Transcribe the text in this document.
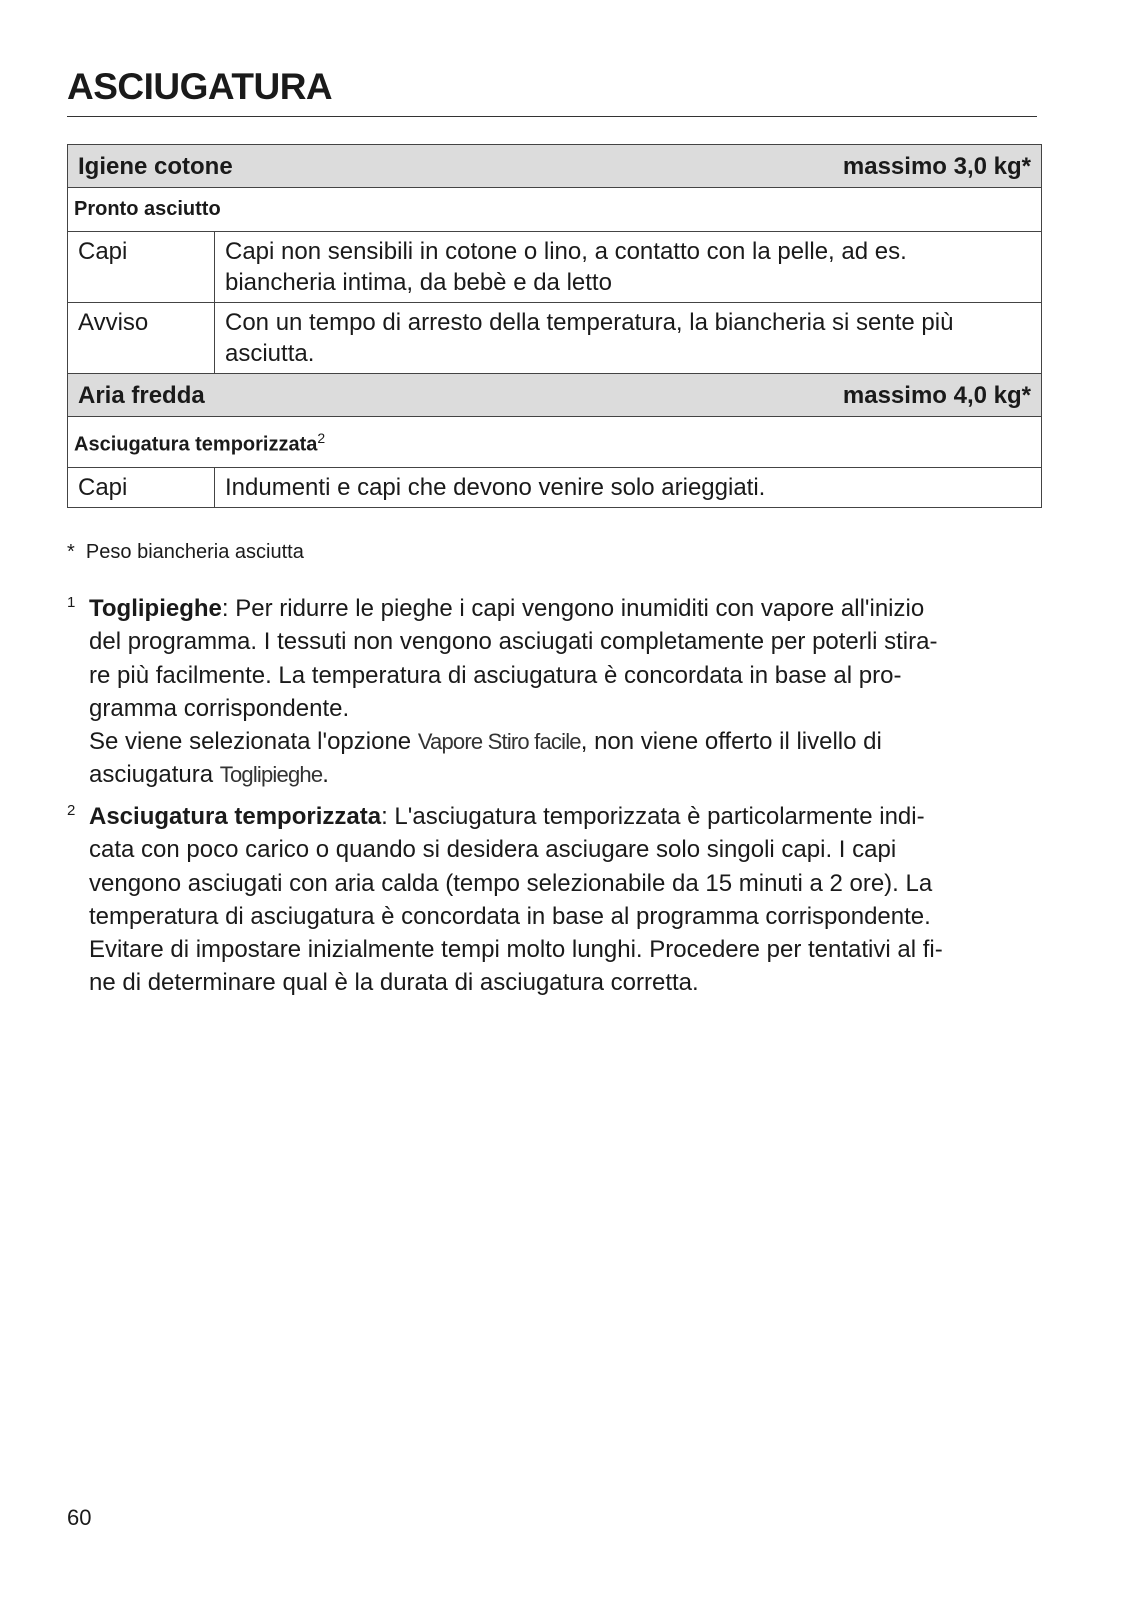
ASCIUGATURA
Igiene cotone massimo 3,0 kg*	

Pronto asciutto	
Capi	Capi non sensibili in cotone o lino, a contatto con la pelle, ad es.
biancheria intima, da bebè e da letto
Avviso	Con un tempo di arresto della temperatura, la biancheria si sente più
asciutta.
Aria fredda massimo 4,0 kg*	

Asciugatura temporizzata$^2$
Capi	Indumenti e capi che devono venire solo arieggiati.
* Peso biancheria asciutta
1 Toglipieghe: Per ridurre le pieghe i capi vengono inumiditi con vapore all'inizio
del programma. I tessuti non vengono asciugati completamente per poterli stira-
re più facilmente. La temperatura di asciugatura è concordata in base al pro-
gramma corrispondente.
Se viene selezionata l'opzione Vapore Stiro facile, non viene offerto il livello di
asciugatura Toglipieghe.
2 Asciugatura temporizzata: L'asciugatura temporizzata è particolarmente indi-
cata con poco carico o quando si desidera asciugare solo singoli capi. I capi
vengono asciugati con aria calda (tempo selezionabile da 15 minuti a 2 ore). La
temperatura di asciugatura è concordata in base al programma corrispondente.
Evitare di impostare inizialmente tempi molto lunghi. Procedere per tentativi al fi-
ne di determinare qual è la durata di asciugatura corretta.
60
